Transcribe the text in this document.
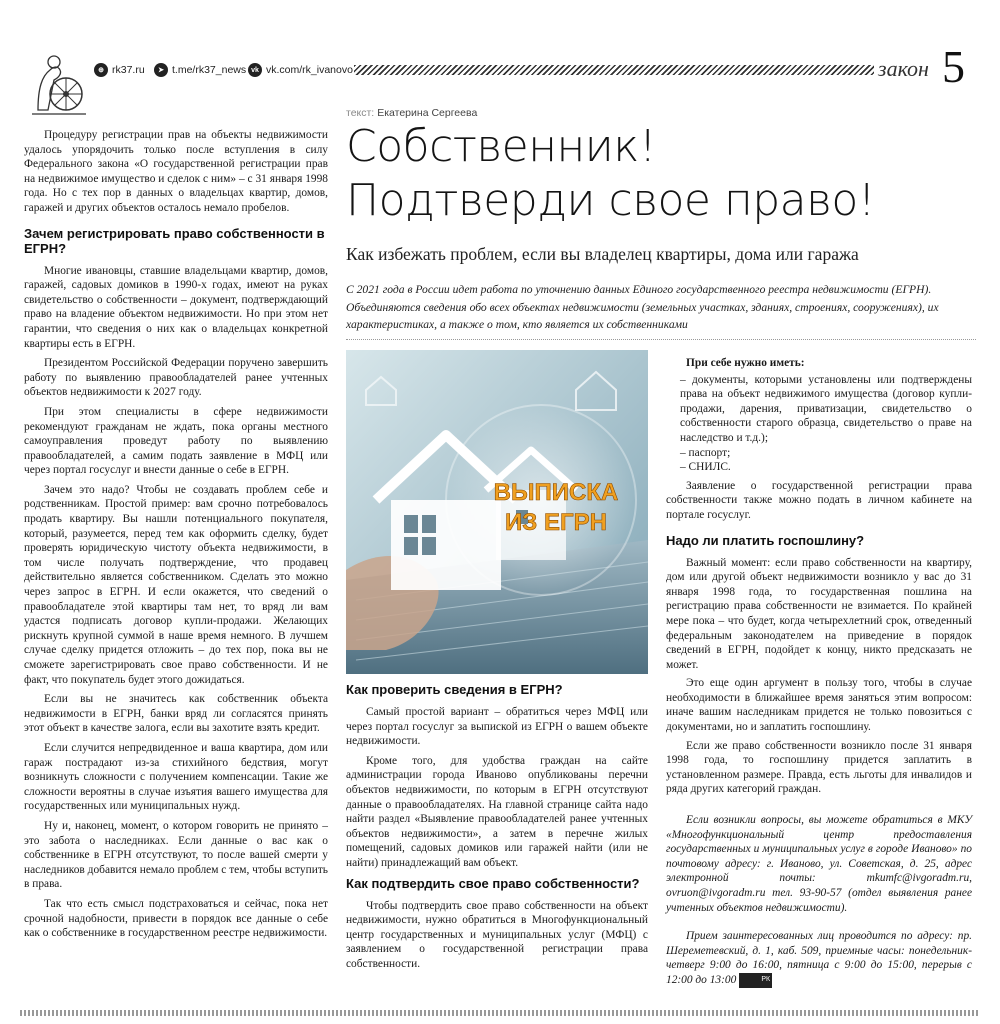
⊕ rk37.ru	➤ t.me/rk37_news vk vk.com/rk_ivanovo	закон 5

Процедуру регистрации прав на объекты недвижимости удалось упорядочить только после вступления в силу Федерального закона «О государственной регистрации прав на недвижимое имущество и сделок с ним» – с 31 января 1998 года. Но с тех пор в данных о владельцах квартир, домов, гаражей и других объектов осталось немало пробелов.

Зачем регистрировать право собственности в ЕГРН?

Многие ивановцы, ставшие владельцами квартир, домов, гаражей, садовых домиков в 1990-х годах, имеют на руках свидетельство о собственности – документ, подтверждающий право на владение объектом недвижимости. Но при этом нет гарантии, что сведения о них как о владельцах конкретной квартиры есть в ЕГРН.

Президентом Российской Федерации поручено завершить работу по выявлению правообладателей ранее учтенных объектов недвижимости к 2027 году.

При этом специалисты в сфере недвижимости рекомендуют гражданам не ждать, пока органы местного самоуправления проведут работу по выявлению правообладателей, а самим подать заявление в МФЦ или через портал госуслуг и внести данные о себе в ЕГРН.

Зачем это надо? Чтобы не создавать проблем себе и родственникам. Простой пример: вам срочно потребовалось продать квартиру. Вы нашли потенциального покупателя, который, разумеется, перед тем как оформить сделку, будет проверять юридическую чистоту объекта недвижимости, в том числе получать подтверждение, что продавец действительно является собственником. Сделать это можно через запрос в ЕГРН. И если окажется, что сведений о правообладателе этой квартиры там нет, то вряд ли вам удастся подписать договор купли-продажи. Желающих рискнуть крупной суммой в наше время немного. В лучшем случае сделку придется отложить – до тех пор, пока вы не сможете зарегистрировать свое право собственности. И не факт, что покупатель будет этого дожидаться.

Если вы не значитесь как собственник объекта недвижимости в ЕГРН, банки вряд ли согласятся принять этот объект в качестве залога, если вы захотите взять кредит.

Если случится непредвиденное и ваша квартира, дом или гараж пострадают из-за стихийного бедствия, могут возникнуть сложности с получением компенсации. Такие же сложности вероятны в случае изъятия вашего имущества для государственных или муниципальных нужд.

Ну и, наконец, момент, о котором говорить не принято – это забота о наследниках. Если данные о вас как о собственнике в ЕГРН отсутствуют, то после вашей смерти у наследников добавится немало проблем с тем, чтобы вступить в права.

Так что есть смысл подстраховаться и сейчас, пока нет срочной надобности, привести в порядок все данные о себе как о собственнике в государственном реестре недвижимости.

текст: Екатерина Сергеева
Собственник!
Подтверди свое право!
Как избежать проблем, если вы владелец квартиры, дома или гаража
С 2021 года в России идет работа по уточнению данных Единого государственного реестра недвижимости (ЕГРН). Объединяются сведения обо всех объектах недвижимости (земельных участках, зданиях, строениях, сооружениях), их характеристиках, а также о том, кто является их собственниками
ВЫПИСКА
ИЗ ЕГРН
Как проверить сведения в ЕГРН?

Самый простой вариант – обратиться через МФЦ или через портал госуслуг за выпиской из ЕГРН о вашем объекте недвижимости.

Кроме того, для удобства граждан на сайте администрации города Иваново опубликованы перечни объектов недвижимости, по которым в ЕГРН отсутствуют данные о правообладателях. На главной странице сайта надо найти раздел «Выявление правообладателей ранее учтенных объектов недвижимости», а затем в перечне жилых помещений, садовых домиков или гаражей найти (или не найти) принадлежащий вам объект.

Как подтвердить свое право собственности?

Чтобы подтвердить свое право собственности на объект недвижимости, нужно обратиться в Многофункциональный центр государственных и муниципальных услуг (МФЦ) с заявлением о государственной регистрации права собственности.

При себе нужно иметь:

– документы, которыми установлены или подтверждены права на объект недвижимого имущества (договор купли-продажи, дарения, приватизации, свидетельство о собственности старого образца, свидетельство о праве на наследство и т.д.);

– паспорт;

– СНИЛС.

Заявление о государственной регистрации права собственности также можно подать в личном кабинете на портале госуслуг.

Надо ли платить госпошлину?

Важный момент: если право собственности на квартиру, дом или другой объект недвижимости возникло у вас до 31 января 1998 года, то государственная пошлина на регистрацию права собственности не взимается. По крайней мере пока – что будет, когда четырехлетний срок, отведенный федеральным законодателем на приведение в порядок сведений в ЕГРН, подойдет к концу, никто предсказать не может.

Это еще один аргумент в пользу того, чтобы в случае необходимости в ближайшее время заняться этим вопросом: иначе вашим наследникам придется не только повозиться с документами, но и заплатить госпошлину.

Если же право собственности возникло после 31 января 1998 года, то госпошлину придется заплатить в установленном размере. Правда, есть льготы для инвалидов и ряда других категорий граждан.

Если возникли вопросы, вы можете обратиться в МКУ «Многофункциональный центр предоставления государственных и муниципальных услуг в городе Иваново» по почтовому адресу: г. Иваново, ул. Советская, д. 25, адрес электронной почты: mkumfc@ivgoradm.ru, ovruon@ivgoradm.ru тел. 93-90-57 (отдел выявления ранее учтенных объектов недвижимости).

Прием заинтересованных лиц проводится по адресу: пр. Шереметевский, д. 1, каб. 509, приемные часы: понедельник-четверг 9:00 до 16:00, пятница с 9:00 до 15:00, перерыв с 12:00 до 13:00	РК
